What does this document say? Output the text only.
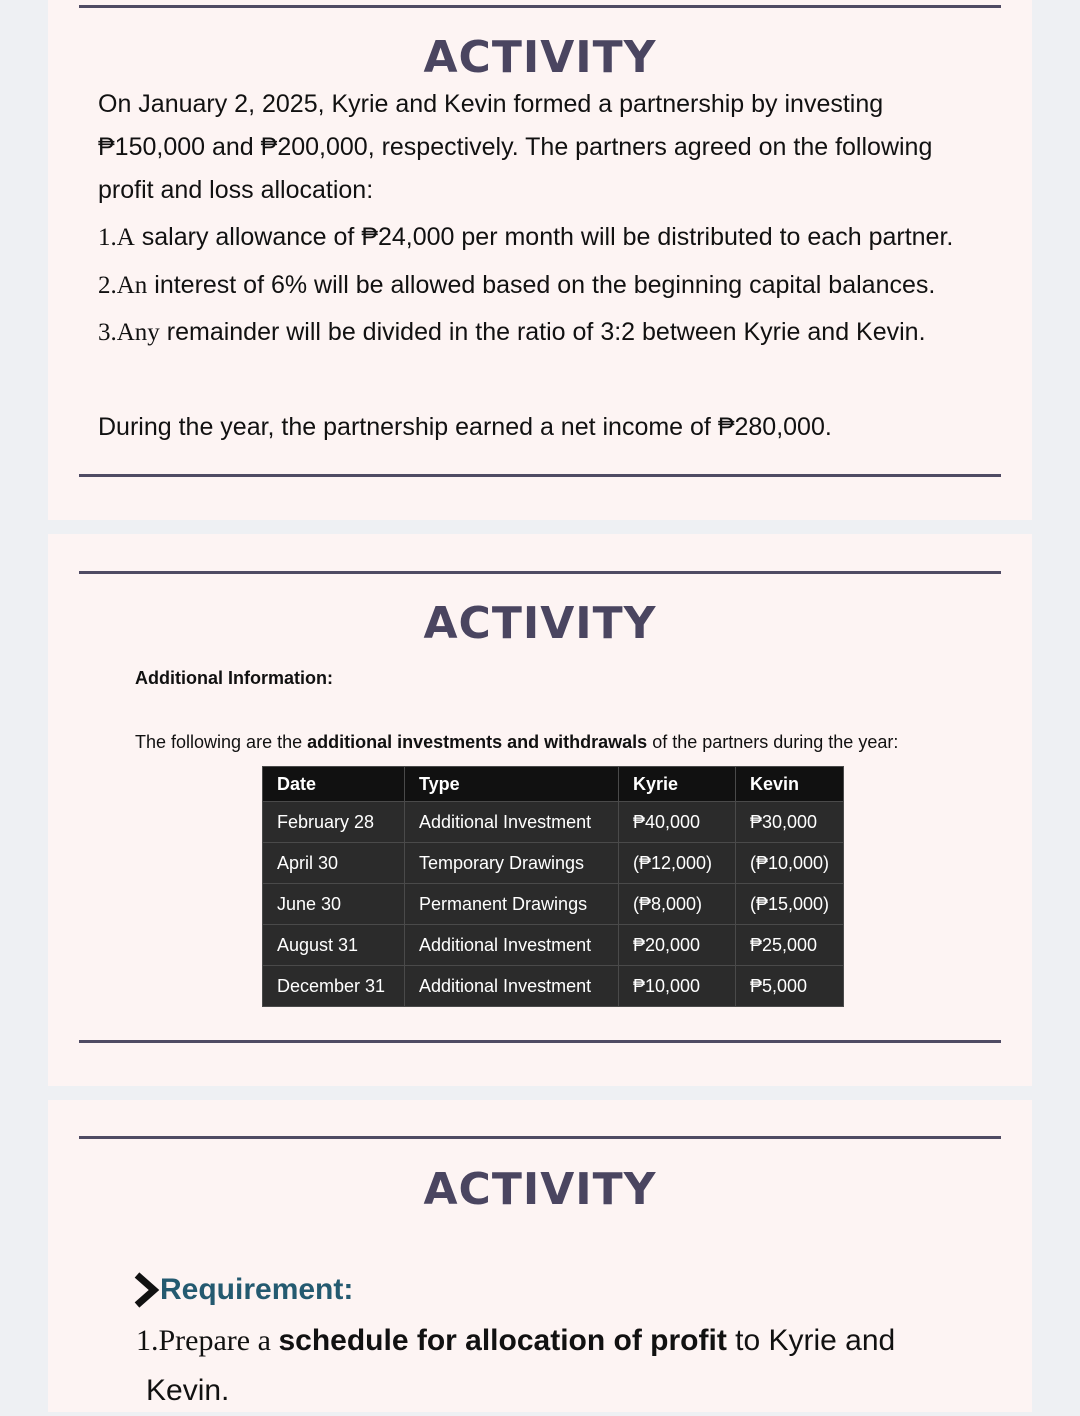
ACTIVITY

On January 2, 2025, Kyrie and Kevin formed a partnership by investing

₱150,000 and ₱200,000, respectively. The partners agreed on the following

profit and loss allocation:

1.A salary allowance of ₱24,000 per month will be distributed to each partner.

2.An interest of 6% will be allowed based on the beginning capital balances.

3.Any remainder will be divided in the ratio of 3:2 between Kyrie and Kevin.

During the year, the partnership earned a net income of ₱280,000.

ACTIVITY

Additional Information:

The following are the additional investments and withdrawals of the partners during the year:

Date	Type	Kyrie	Kevin
February 28	Additional Investment	₱40,000	₱30,000
April 30	Temporary Drawings	(₱12,000)	(₱10,000)
June 30	Permanent Drawings	(₱8,000)	(₱15,000)
August 31	Additional Investment	₱20,000	₱25,000
December 31	Additional Investment	₱10,000	₱5,000
ACTIVITY

Requirement:

1.Prepare a schedule for allocation of profit to Kyrie and
Kevin.
